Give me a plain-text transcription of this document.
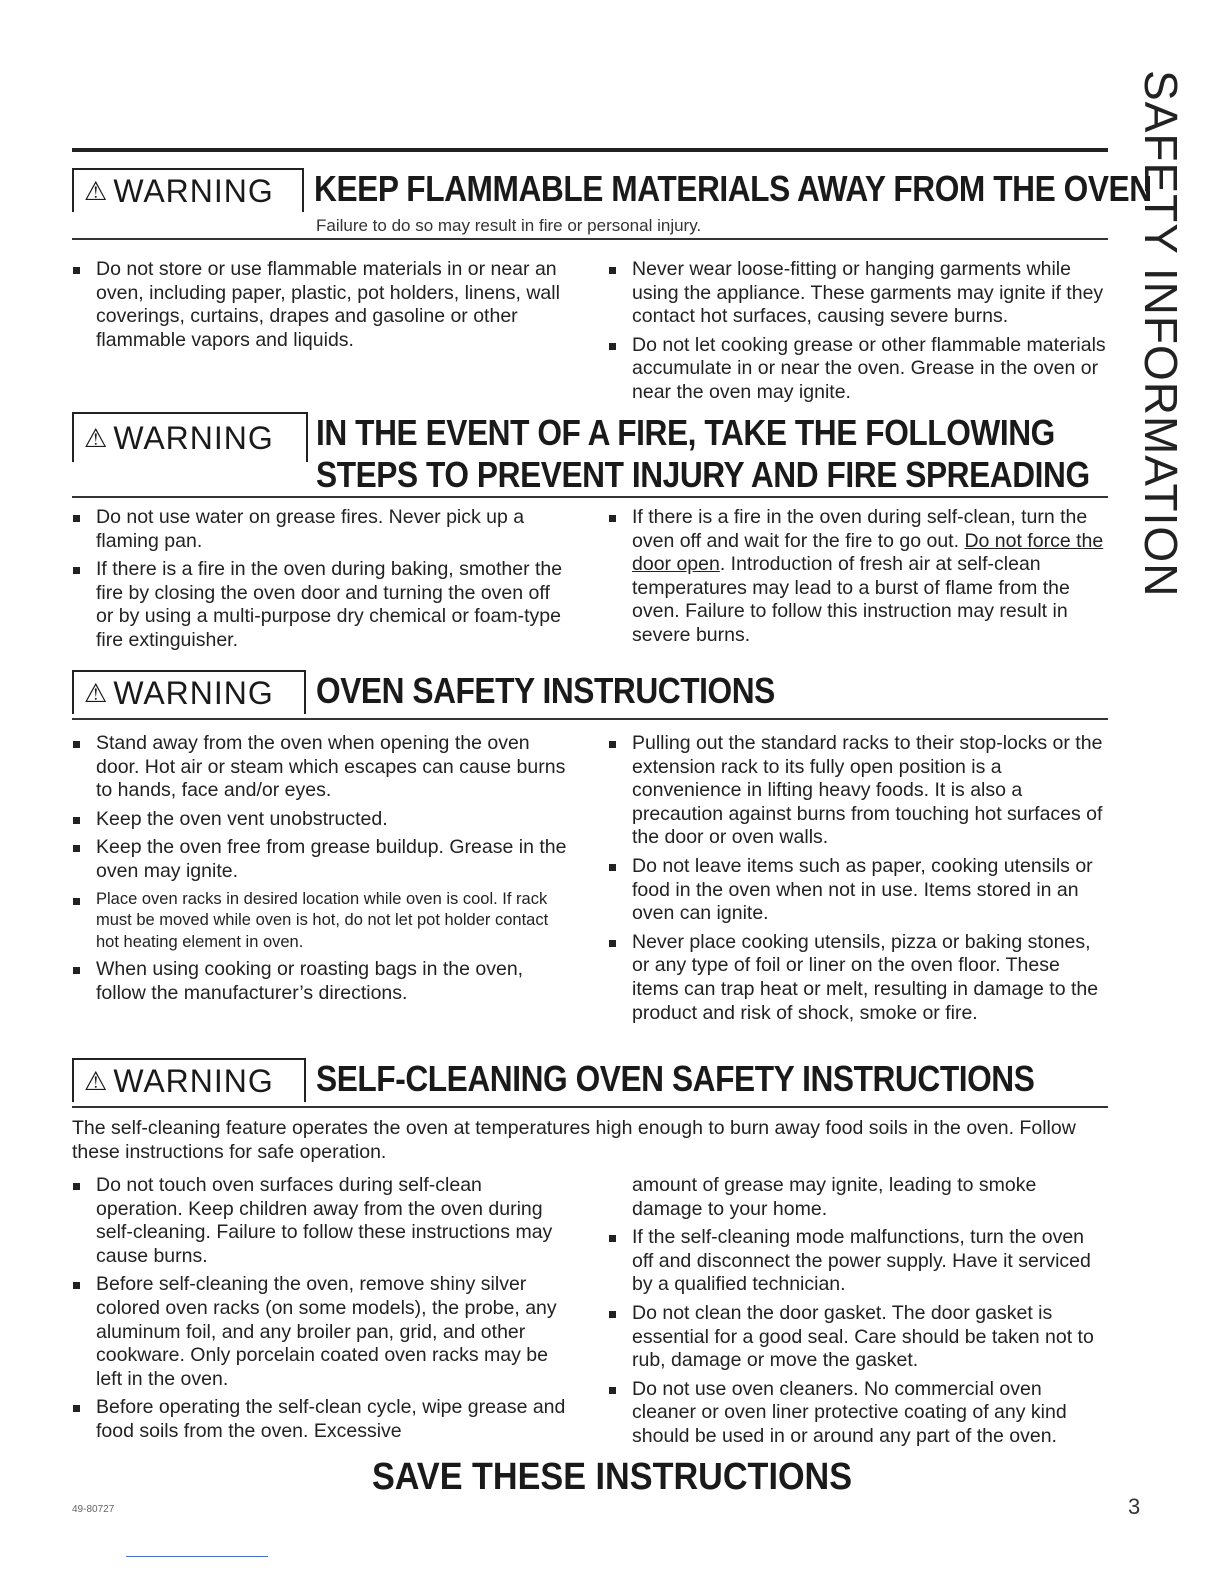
SAFETY INFORMATION
⚠ WARNING KEEP FLAMMABLE MATERIALS AWAY FROM THE OVEN
Failure to do so may result in fire or personal injury.
Do not store or use flammable materials in or near an oven, including paper, plastic, pot holders, linens, wall coverings, curtains, drapes and gasoline or other flammable vapors and liquids.
Never wear loose-fitting or hanging garments while using the appliance. These garments may ignite if they contact hot surfaces, causing severe burns.
Do not let cooking grease or other flammable materials accumulate in or near the oven. Grease in the oven or near the oven may ignite.
⚠ WARNING IN THE EVENT OF A FIRE, TAKE THE FOLLOWING
STEPS TO PREVENT INJURY AND FIRE SPREADING
Do not use water on grease fires. Never pick up a flaming pan.
If there is a fire in the oven during baking, smother the fire by closing the oven door and turning the oven off or by using a multi-purpose dry chemical or foam-type fire extinguisher.
If there is a fire in the oven during self-clean, turn the oven off and wait for the fire to go out. Do not force the door open. Introduction of fresh air at self-clean temperatures may lead to a burst of flame from the oven. Failure to follow this instruction may result in severe burns.
⚠ WARNING OVEN SAFETY INSTRUCTIONS
Stand away from the oven when opening the oven door. Hot air or steam which escapes can cause burns to hands, face and/or eyes.
Keep the oven vent unobstructed.
Keep the oven free from grease buildup. Grease in the oven may ignite.
Place oven racks in desired location while oven is cool. If rack must be moved while oven is hot, do not let pot holder contact hot heating element in oven.
When using cooking or roasting bags in the oven, follow the manufacturer’s directions.
Pulling out the standard racks to their stop-locks or the extension rack to its fully open position is a convenience in lifting heavy foods. It is also a precaution against burns from touching hot surfaces of the door or oven walls.
Do not leave items such as paper, cooking utensils or food in the oven when not in use. Items stored in an oven can ignite.
Never place cooking utensils, pizza or baking stones, or any type of foil or liner on the oven floor. These items can trap heat or melt, resulting in damage to the product and risk of shock, smoke or fire.
⚠ WARNING SELF-CLEANING OVEN SAFETY INSTRUCTIONS
The self-cleaning feature operates the oven at temperatures high enough to burn away food soils in the oven. Follow these instructions for safe operation.
Do not touch oven surfaces during self-clean operation. Keep children away from the oven during self-cleaning. Failure to follow these instructions may cause burns.
Before self-cleaning the oven, remove shiny silver colored oven racks (on some models), the probe, any aluminum foil, and any broiler pan, grid, and other cookware. Only porcelain coated oven racks may be left in the oven.
Before operating the self-clean cycle, wipe grease and food soils from the oven. Excessive
amount of grease may ignite, leading to smoke damage to your home.
If the self-cleaning mode malfunctions, turn the oven off and disconnect the power supply. Have it serviced by a qualified technician.
Do not clean the door gasket. The door gasket is essential for a good seal. Care should be taken not to rub, damage or move the gasket.
Do not use oven cleaners. No commercial oven cleaner or oven liner protective coating of any kind should be used in or around any part of the oven.
SAVE THESE INSTRUCTIONS
49-80727	3
